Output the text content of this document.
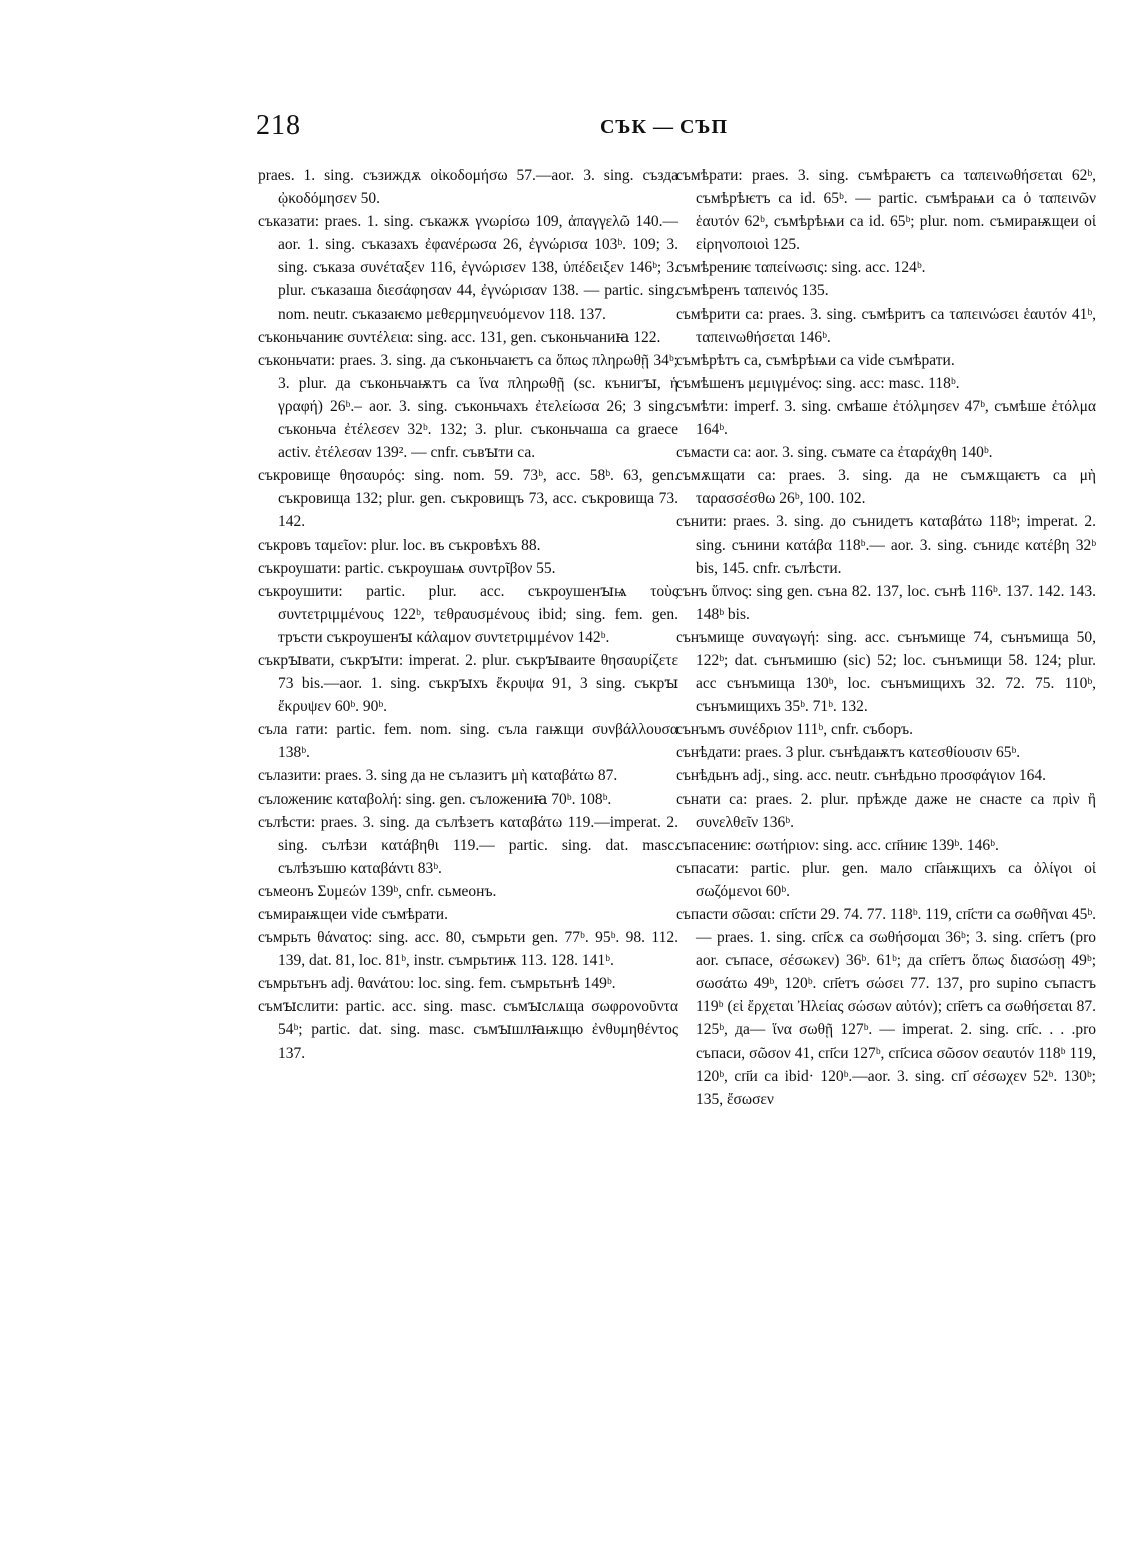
218	СЪК — СЪП

praes. 1. sing. съзиждѫ οἰκοδομήσω 57.—aor. 3. sing. създа ᾠκοδόμησεν 50.

съказати: praes. 1. sing. съкажѫ γνωρίσω 109, ἀπαγγελῶ 140.—aor. 1. sing. съказахъ ἐφανέρωσα 26, ἐγνώρισα 103ᵇ. 109; 3. sing. съказа συνέταξεν 116, ἐγνώρισεν 138, ὑπέδειξεν 146ᵇ; 3. plur. съказаша διεσάφησαν 44, ἐγνώρισαν 138. — partic. sing. nom. neutr. съказаѥмо μεθερμηνευόμενον 118. 137.

съконьчаниѥ συντέλεια: sing. acc. 131, gen. съконьчаниꙗ 122.

съконьчати: praes. 3. sing. да съконьчаѥтъ са ὅπως πληρωθῇ 34ᵇ; 3. plur. да съконьчаѭтъ са ἵνα πληρωθῇ (sc. кънигꙑ, ἡ γραφή) 26ᵇ.– aor. 3. sing. съконьчахъ ἐτελείωσα 26; 3 sing. съконьча ἐτέλεσεν 32ᵇ. 132; 3. plur. съконьчаша са graece activ. ἐτέλεσαν 139². — cnfr. съвꙑти са.

съкровище θησαυρός: sing. nom. 59. 73ᵇ, acc. 58ᵇ. 63, gen. съкровища 132; plur. gen. съкровищъ 73, acc. съкровища 73. 142.

съкровъ ταμεῖον: plur. loc. въ съкровѣхъ 88.

съкроушати: partic. съкроушаѩ συντρῖβον 55.

съкроушити: partic. plur. acc. съкроушенꙑѩ τοὺς συντετριμμένους 122ᵇ, τεθραυσμένους ibid; sing. fem. gen. тръсти съкроушенꙑ κάλαμον συντετριμμένον 142ᵇ.

съкрꙑвати, съкрꙑти: imperat. 2. plur. съкрꙑваите θησαυρίζετε 73 bis.—aor. 1. sing. съкрꙑхъ ἔκρυψα 91, 3 sing. съкрꙑ ἔκρυψεν 60ᵇ. 90ᵇ.

съла гати: partic. fem. nom. sing. съла гаѭщи συνβάλλουσα 138ᵇ.

сълазити: praes. 3. sing да не сълазитъ μὴ καταβάτω 87.

съложениѥ καταβολή: sing. gen. съложениꙗ 70ᵇ. 108ᵇ.

сълѣсти: praes. 3. sing. да сълѣзетъ καταβάτω 119.—imperat. 2. sing. сълѣзи κατάβηθι 119.— partic. sing. dat. masc. сълѣзъшю καταβάντι 83ᵇ.

съмеонъ Συμεών 139ᵇ, cnfr. сьмеонъ.

съмираѭщеи vide съмѣрати.

съмрьть θάνατος: sing. acc. 80, съмрьти gen. 77ᵇ. 95ᵇ. 98. 112. 139, dat. 81, loc. 81ᵇ, instr. съмрьтиѭ 113. 128. 141ᵇ.

съмрьтьнъ adj. θανάτου: loc. sing. fem. съмрьтьнѣ 149ᵇ.

съмꙑслити: partic. acc. sing. masc. съмꙑслѧща σωφρονοῦντα 54ᵇ; partic. dat. sing. masc. съмꙑшлꙗѭщю ἐνθυμηθέντος 137.

съмѣрати: praes. 3. sing. съмѣраѥтъ са ταπεινωθήσεται 62ᵇ, съмѣрѣѥтъ са id. 65ᵇ. — partic. съмѣраѩи са ὁ ταπεινῶν ἑαυτόν 62ᵇ, съмѣрѣѩи са id. 65ᵇ; plur. nom. съмираѭщеи οἱ εἰρηνοποιοὶ 125.

съмѣрениѥ ταπείνωσις: sing. acc. 124ᵇ.

съмѣренъ ταπεινός 135.

съмѣрити са: praes. 3. sing. съмѣритъ са ταπεινώσει ἑαυτόν 41ᵇ, ταπεινωθήσεται 146ᵇ.

съмѣрѣтъ са, съмѣрѣѩи са vide съмѣрати.

съмѣшенъ μεμιγμένος: sing. acc: masc. 118ᵇ.

съмѣти: imperf. 3. sing. смѣаше ἐτόλμησεν 47ᵇ, съмѣше ἐτόλμα 164ᵇ.

съмасти са: aor. 3. sing. съмате са ἐταράχθη 140ᵇ.

съмѫщати са: praes. 3. sing. да не съмѫщаѥтъ са μὴ ταρασσέσθω 26ᵇ, 100. 102.

сънити: praes. 3. sing. до сънидетъ καταβάτω 118ᵇ; imperat. 2. sing. сънини κατάβα 118ᵇ.— aor. 3. sing. сънидє κατέβη 32ᵇ bis, 145. cnfr. сълѣсти.

сънъ ὕπνος: sing gen. съна 82. 137, loc. сънѣ 116ᵇ. 137. 142. 143. 148ᵇ bis.

сънъмище συναγωγή: sing. acc. сънъмище 74, сънъмища 50, 122ᵇ; dat. сънъмишю (sic) 52; loc. сънъмищи 58. 124; plur. acc сънъмища 130ᵇ, loc. сънъмищихъ 32. 72. 75. 110ᵇ, сънъмищихъ 35ᵇ. 71ᵇ. 132.

сънъмъ συνέδριον 111ᵇ, cnfr. съборъ.

сънѣдати: praes. 3 plur. сънѣдаѭтъ κατεσθίουσιν 65ᵇ.

сънѣдьнъ adj., sing. acc. neutr. сънѣдьно προσφάγιον 164.

сънати са: praes. 2. plur. прѣжде даже не снасте са πρὶν ἢ συνελθεῖν 136ᵇ.

съпасениѥ: σωτήριον: sing. acc. сп҃ниѥ 139ᵇ. 146ᵇ.

съпасати: partic. plur. gen. мало сп҃аѭщихъ са ὀλίγοι οἱ σωζόμενοι 60ᵇ.

съпасти σῶσαι: сп҃сти 29. 74. 77. 118ᵇ. 119, сп҃сти са σωθῆναι 45ᵇ. — praes. 1. sing. сп҃сѫ са σωθήσομαι 36ᵇ; 3. sing. сп҃етъ (pro aor. съпасе, σέσωκεν) 36ᵇ. 61ᵇ; да сп҃етъ ὅπως διασώσῃ 49ᵇ; σωσάτω 49ᵇ, 120ᵇ. сп҃етъ σώσει 77. 137, pro supino съпастъ 119ᵇ (εἰ ἔρχεται Ἠλείας σώσων αὐτόν); сп҃етъ са σωθήσεται 87. 125ᵇ, да— ἵνα σωθῇ 127ᵇ. — imperat. 2. sing. сп҃с. . . .pro съпаси, σῶσον 41, сп҃си 127ᵇ, сп҃сиса σῶσον σεαυτόν 118ᵇ 119, 120ᵇ, сп҃и са ibid· 120ᵇ.—aor. 3. sing. сп҃ σέσωχεν 52ᵇ. 130ᵇ; 135, ἔσωσεν
